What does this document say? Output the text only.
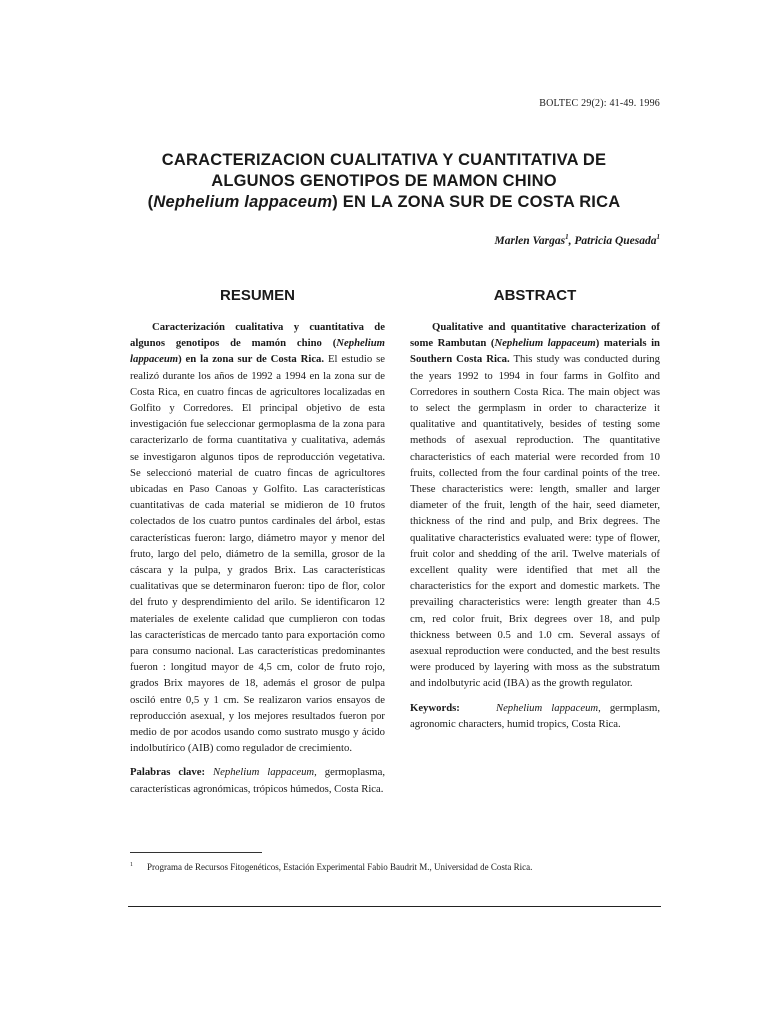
BOLTEC 29(2): 41-49. 1996
CARACTERIZACION CUALITATIVA Y CUANTITATIVA DE
ALGUNOS GENOTIPOS DE MAMON CHINO
(Nephelium lappaceum) EN LA ZONA SUR DE COSTA RICA
Marlen Vargas$^1$, Patricia Quesada$^1$
RESUMEN	ABSTRACT

Caracterización cualitativa y cuantitativa de algunos genotipos de mamón chino (Nephelium lappaceum) en la zona sur de Costa Rica. El estudio se realizó durante los años de 1992 a 1994 en la zona sur de Costa Rica, en cuatro fincas de agricultores localizadas en Golfito y Corredores. El principal objetivo de esta investigación fue seleccionar germoplasma de la zona para caracterizarlo de forma cuantitativa y cualitativa, además se investigaron algunos tipos de reproducción vegetativa. Se seleccionó material de cuatro fincas de agricultores ubicadas en Paso Canoas y Golfito. Las características cuantitativas de cada material se midieron de 10 frutos colectados de los cuatro puntos cardinales del árbol, estas características fueron: largo, diámetro mayor y menor del fruto, largo del pelo, diámetro de la semilla, grosor de la cáscara y la pulpa, y grados Brix. Las características cualitativas que se determinaron fueron: tipo de flor, color del fruto y desprendimiento del arilo. Se identificaron 12 materiales de exelente calidad que cumplieron con todas las características de mercado tanto para exportación como para consumo nacional. Las características predominantes fueron : longitud mayor de 4,5 cm, color de fruto rojo, grados Brix mayores de 18, además el grosor de pulpa osciló entre 0,5 y 1 cm. Se realizaron varios ensayos de reproducción asexual, y los mejores resultados fueron por medio de por acodos usando como sustrato musgo y ácido indolbutírico (AIB) como regulador de crecimiento.

Palabras clave: Nephelium lappaceum, germoplasma, características agronómicas, trópicos húmedos, Costa Rica.

Qualitative and quantitative characterization of some Rambutan (Nephelium lappaceum) materials in Southern Costa Rica. This study was conducted during the years 1992 to 1994 in four farms in Golfito and Corredores in southern Costa Rica. The main object was to select the germplasm in order to characterize it qualitative and quantitatively, besides of testing some methods of asexual reproduction. The quantitative characteristics of each material were recorded from 10 fruits, collected from the four cardinal points of the tree. These characteristics were: length, smaller and larger diameter of the fruit, length of the hair, seed diameter, thickness of the rind and pulp, and Brix degrees. The qualitative characteristics evaluated were: type of flower, fruit color and shedding of the aril. Twelve materials of excellent quality were identified that met all the characteristics for the export and domestic markets. The prevailing characteristics were: length greater than 4.5 cm, red color fruit, Brix degrees over 18, and pulp thickness between 0.5 and 1.0 cm. Several assays of asexual reproduction were conducted, and the best results were produced by layering with moss as the substratum and indolbutyric acid (IBA) as the growth regulator.

Keywords:	Nephelium lappaceum, germplasm, agronomic characters, humid tropics, Costa Rica.

$^1$ Programa de Recursos Fitogenéticos, Estación Experimental Fabio Baudrit M., Universidad de Costa Rica.
